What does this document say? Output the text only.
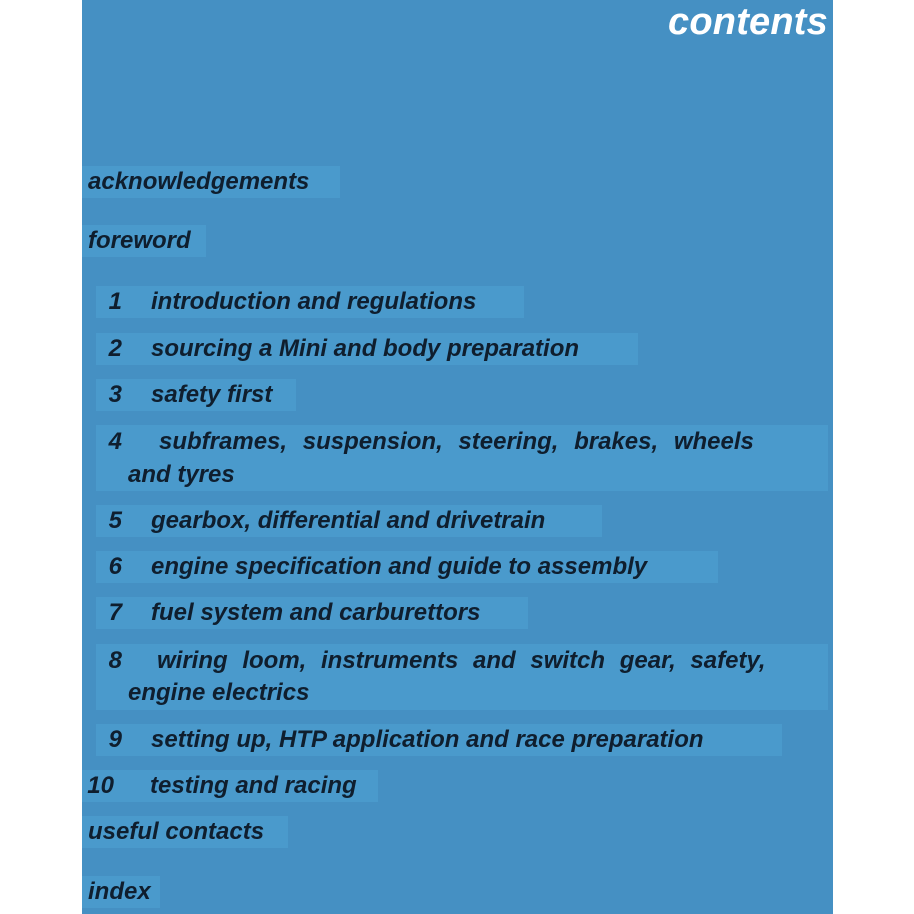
contents
acknowledgements
foreword
1 introduction and regulations
2 sourcing a Mini and body preparation
3 safety first
4 subframes, suspension, steering, brakes, wheels
and tyres
5 gearbox, differential and drivetrain
6 engine specification and guide to assembly
7 fuel system and carburettors
8 wiring loom, instruments and switch gear, safety,
engine electrics
9 setting up, HTP application and race preparation
10 testing and racing
useful contacts
index
